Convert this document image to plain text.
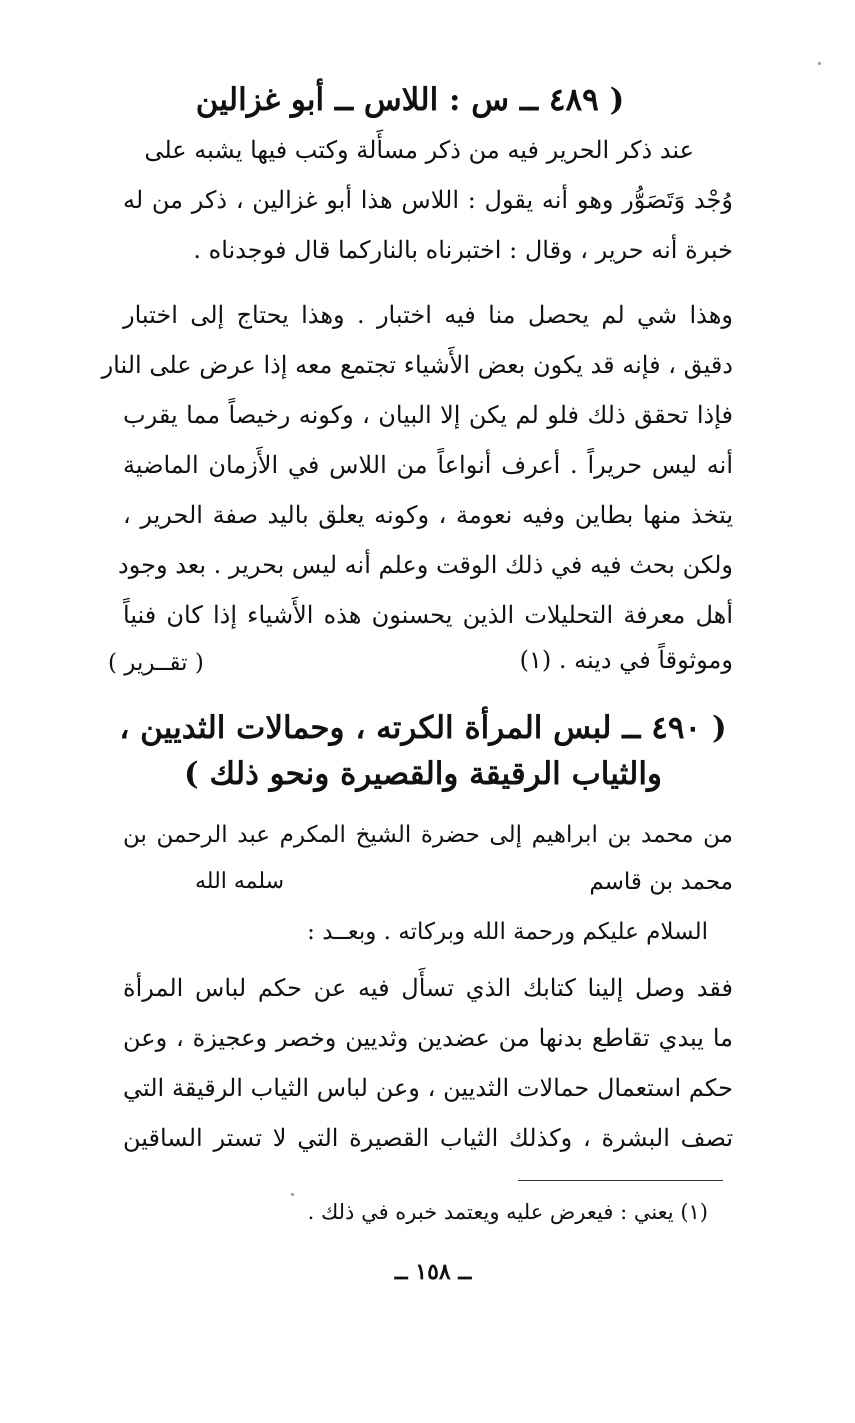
( ٤٨٩ ــ س : اللاس ــ أبو غزالين
عند ذكر الحرير فيه من ذكر مسأَلة وكتب فيها يشبه على
وُجْد وَتَصَوُّر وهو أنه يقول : اللاس هذا أبو غزالين ، ذكر من له
خبرة أنه حرير ، وقال : اختبرناه بالناركما قال فوجدناه .
وهذا شي لم يحصل منا فيه اختبار . وهذا يحتاج إلى اختبار
دقيق ، فإنه قد يكون بعض الأَشياء تجتمع معه إذا عرض على النار
فإذا تحقق ذلك فلو لم يكن إلا البيان ، وكونه رخيصاً مما يقرب
أنه ليس حريراً . أعرف أنواعاً من اللاس في الأَزمان الماضية
يتخذ منها بطاين وفيه نعومة ، وكونه يعلق باليد صفة الحرير ،
ولكن بحث فيه في ذلك الوقت وعلم أنه ليس بحرير . بعد وجود
أهل معرفة التحليلات الذين يحسنون هذه الأَشياء إذا كان فنياً
وموثوقاً في دينه . (١)
( تقــرير )
( ٤٩٠ ــ لبس المرأة الكرته ، وحمالات الثديين ،
والثياب الرقيقة والقصيرة ونحو ذلك )
من محمد بن ابراهيم إلى حضرة الشيخ المكرم عبد الرحمن بن
محمد بن قاسم
سلمه الله
السلام عليكم ورحمة الله وبركاته . وبعــد :
فقد وصل إلينا كتابك الذي تسأَل فيه عن حكم لباس المرأة
ما يبدي تقاطع بدنها من عضدين وثديين وخصر وعجيزة ، وعن
حكم استعمال حمالات الثديين ، وعن لباس الثياب الرقيقة التي
تصف البشرة ، وكذلك الثياب القصيرة التي لا تستر الساقين
(١) يعني : فيعرض عليه ويعتمد خبره في ذلك .
ــ ١٥٨ ــ
